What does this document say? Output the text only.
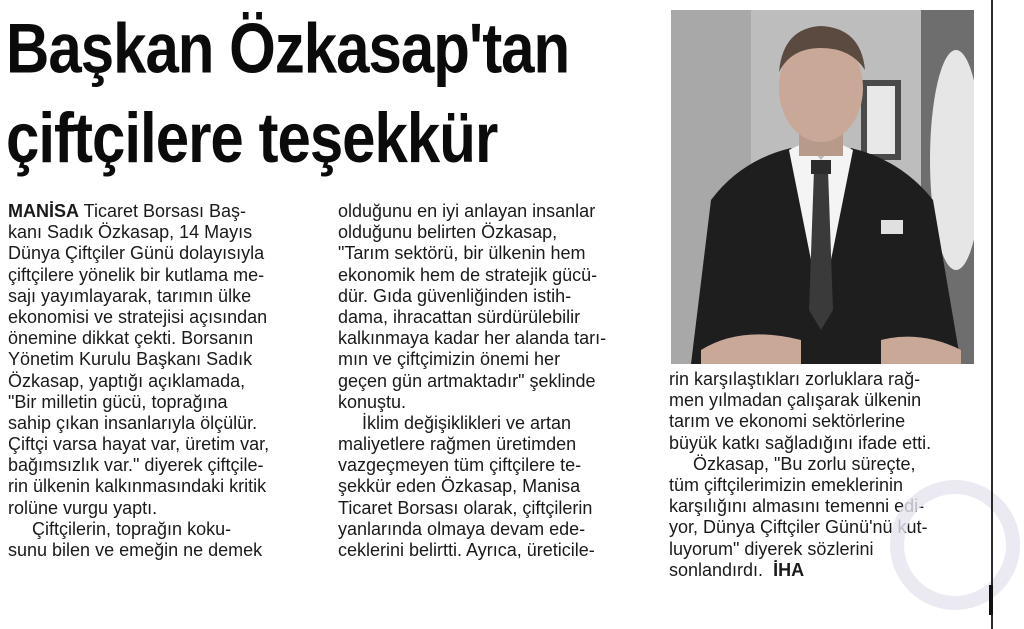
Başkan Özkasap'tan
çiftçilere teşekkür
MANİSA Ticaret Borsası Baş-
kanı Sadık Özkasap, 14 Mayıs
Dünya Çiftçiler Günü dolayısıyla
çiftçilere yönelik bir kutlama me-
sajı yayımlayarak, tarımın ülke
ekonomisi ve stratejisi açısından
önemine dikkat çekti. Borsanın
Yönetim Kurulu Başkanı Sadık
Özkasap, yaptığı açıklamada,
"Bir milletin gücü, toprağına
sahip çıkan insanlarıyla ölçülür.
Çiftçi varsa hayat var, üretim var,
bağımsızlık var." diyerek çiftçile-
rin ülkenin kalkınmasındaki kritik
rolüne vurgu yaptı.
Çiftçilerin, toprağın koku-
sunu bilen ve emeğin ne demek
olduğunu en iyi anlayan insanlar
olduğunu belirten Özkasap,
"Tarım sektörü, bir ülkenin hem
ekonomik hem de stratejik gücü-
dür. Gıda güvenliğinden istih-
dama, ihracattan sürdürülebilir
kalkınmaya kadar her alanda tarı-
mın ve çiftçimizin önemi her
geçen gün artmaktadır" şeklinde
konuştu.
İklim değişiklikleri ve artan
maliyetlere rağmen üretimden
vazgeçmeyen tüm çiftçilere te-
şekkür eden Özkasap, Manisa
Ticaret Borsası olarak, çiftçilerin
yanlarında olmaya devam ede-
ceklerini belirtti. Ayrıca, üreticile-
rin karşılaştıkları zorluklara rağ-
men yılmadan çalışarak ülkenin
tarım ve ekonomi sektörlerine
büyük katkı sağladığını ifade etti.
Özkasap, "Bu zorlu süreçte,
tüm çiftçilerimizin emeklerinin
karşılığını almasını temenni edi-
yor, Dünya Çiftçiler Günü'nü kut-
luyorum" diyerek sözlerini
sonlandırdı. İHA
